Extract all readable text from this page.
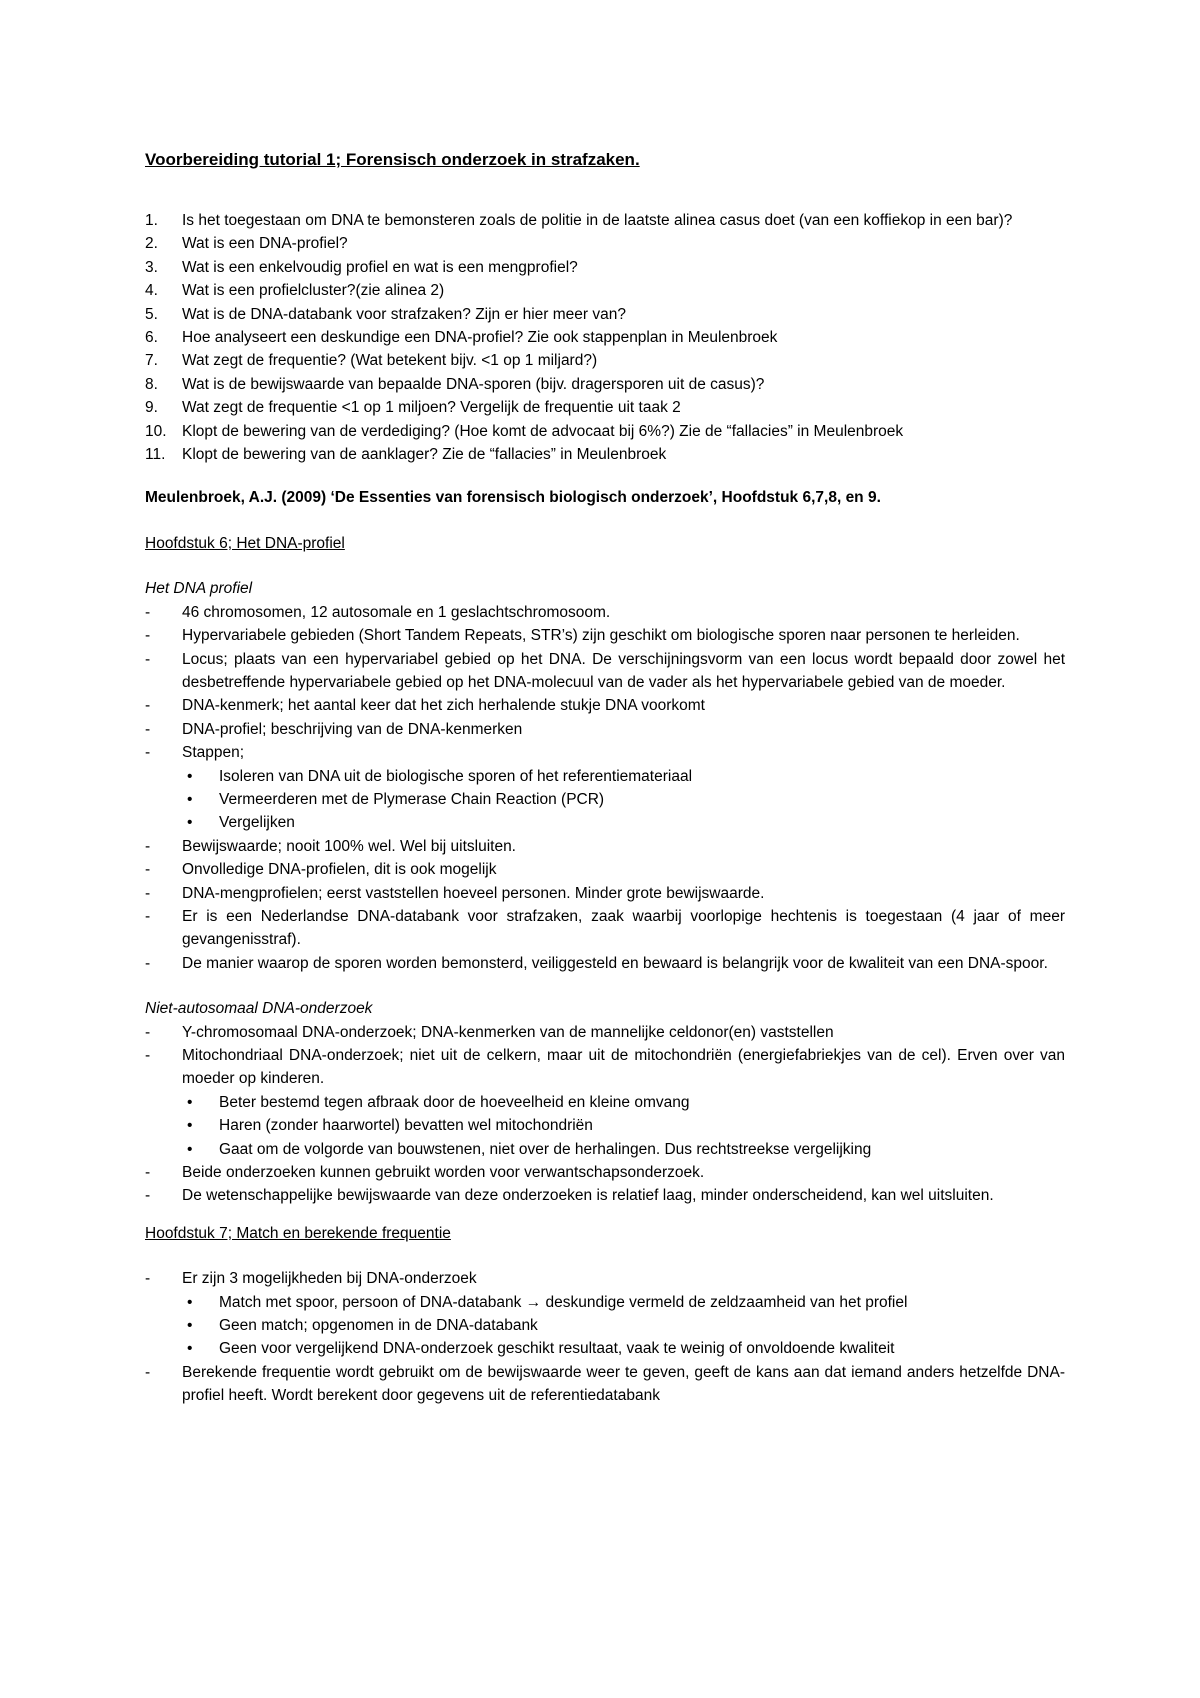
Voorbereiding tutorial 1; Forensisch onderzoek in strafzaken.

1. Is het toegestaan om DNA te bemonsteren zoals de politie in de laatste alinea casus doet (van een koffiekop in een bar)?
2. Wat is een DNA-profiel?
3. Wat is een enkelvoudig profiel en wat is een mengprofiel?
4. Wat is een profielcluster?(zie alinea 2)
5. Wat is de DNA-databank voor strafzaken? Zijn er hier meer van?
6. Hoe analyseert een deskundige een DNA-profiel? Zie ook stappenplan in Meulenbroek
7. Wat zegt de frequentie? (Wat betekent bijv. <1 op 1 miljard?)
8. Wat is de bewijswaarde van bepaalde DNA-sporen (bijv. dragersporen uit de casus)?
9. Wat zegt de frequentie <1 op 1 miljoen? Vergelijk de frequentie uit taak 2
10. Klopt de bewering van de verdediging? (Hoe komt de advocaat bij 6%?) Zie de “fallacies” in Meulenbroek
11. Klopt de bewering van de aanklager? Zie de “fallacies” in Meulenbroek

Meulenbroek, A.J. (2009) ‘De Essenties van forensisch biologisch onderzoek’, Hoofdstuk 6,7,8, en 9.

Hoofdstuk 6; Het DNA-profiel

Het DNA profiel

- 46 chromosomen, 12 autosomale en 1 geslachtschromosoom.
- Hypervariabele gebieden (Short Tandem Repeats, STR’s) zijn geschikt om biologische sporen naar personen te herleiden.
- Locus; plaats van een hypervariabel gebied op het DNA. De verschijningsvorm van een locus wordt bepaald door zowel het desbetreffende hypervariabele gebied op het DNA-molecuul van de vader als het hypervariabele gebied van de moeder.
- DNA-kenmerk; het aantal keer dat het zich herhalende stukje DNA voorkomt
- DNA-profiel; beschrijving van de DNA-kenmerken
- Stappen;
• Isoleren van DNA uit de biologische sporen of het referentiemateriaal
• Vermeerderen met de Plymerase Chain Reaction (PCR)
• Vergelijken
- Bewijswaarde; nooit 100% wel. Wel bij uitsluiten.
- Onvolledige DNA-profielen, dit is ook mogelijk
- DNA-mengprofielen; eerst vaststellen hoeveel personen. Minder grote bewijswaarde.
- Er is een Nederlandse DNA-databank voor strafzaken, zaak waarbij voorlopige hechtenis is toegestaan (4 jaar of meer gevangenisstraf).
- De manier waarop de sporen worden bemonsterd, veiliggesteld en bewaard is belangrijk voor de kwaliteit van een DNA-spoor.

Niet-autosomaal DNA-onderzoek

- Y-chromosomaal DNA-onderzoek; DNA-kenmerken van de mannelijke celdonor(en) vaststellen
- Mitochondriaal DNA-onderzoek; niet uit de celkern, maar uit de mitochondriën (energiefabriekjes van de cel). Erven over van moeder op kinderen.
• Beter bestemd tegen afbraak door de hoeveelheid en kleine omvang
• Haren (zonder haarwortel) bevatten wel mitochondriën
• Gaat om de volgorde van bouwstenen, niet over de herhalingen. Dus rechtstreekse vergelijking
- Beide onderzoeken kunnen gebruikt worden voor verwantschapsonderzoek.
- De wetenschappelijke bewijswaarde van deze onderzoeken is relatief laag, minder onderscheidend, kan wel uitsluiten.

Hoofdstuk 7; Match en berekende frequentie

- Er zijn 3 mogelijkheden bij DNA-onderzoek
• Match met spoor, persoon of DNA-databank → deskundige vermeld de zeldzaamheid van het profiel
• Geen match; opgenomen in de DNA-databank
• Geen voor vergelijkend DNA-onderzoek geschikt resultaat, vaak te weinig of onvoldoende kwaliteit
- Berekende frequentie wordt gebruikt om de bewijswaarde weer te geven, geeft de kans aan dat iemand anders hetzelfde DNA-profiel heeft. Wordt berekent door gegevens uit de referentiedatabank
